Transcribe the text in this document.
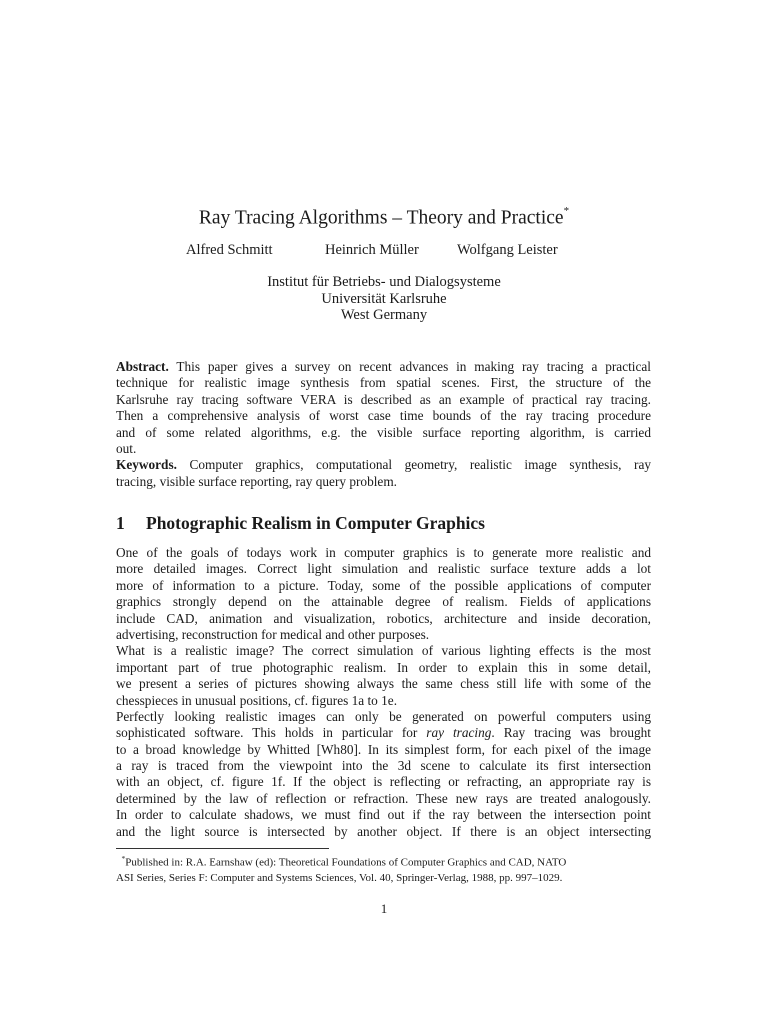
Ray Tracing Algorithms – Theory and Practice*
Alfred Schmitt	Heinrich Müller	Wolfgang Leister
Institut für Betriebs- und Dialogsysteme
Universität Karlsruhe
West Germany
Abstract. This paper gives a survey on recent advances in making ray tracing a practical
technique for realistic image synthesis from spatial scenes. First, the structure of the
Karlsruhe ray tracing software VERA is described as an example of practical ray tracing.
Then a comprehensive analysis of worst case time bounds of the ray tracing procedure
and of some related algorithms, e.g. the visible surface reporting algorithm, is carried
out.
Keywords. Computer graphics, computational geometry, realistic image synthesis, ray
tracing, visible surface reporting, ray query problem.
1 Photographic Realism in Computer Graphics
One of the goals of todays work in computer graphics is to generate more realistic and
more detailed images. Correct light simulation and realistic surface texture adds a lot
more of information to a picture. Today, some of the possible applications of computer
graphics strongly depend on the attainable degree of realism. Fields of applications
include CAD, animation and visualization, robotics, architecture and inside decoration,
advertising, reconstruction for medical and other purposes.
What is a realistic image? The correct simulation of various lighting effects is the most
important part of true photographic realism. In order to explain this in some detail,
we present a series of pictures showing always the same chess still life with some of the
chesspieces in unusual positions, cf. figures 1a to 1e.
Perfectly looking realistic images can only be generated on powerful computers using
sophisticated software. This holds in particular for ray tracing. Ray tracing was brought
to a broad knowledge by Whitted [Wh80]. In its simplest form, for each pixel of the image
a ray is traced from the viewpoint into the 3d scene to calculate its first intersection
with an object, cf. figure 1f. If the object is reflecting or refracting, an appropriate ray is
determined by the law of reflection or refraction. These new rays are treated analogously.
In order to calculate shadows, we must find out if the ray between the intersection point
and the light source is intersected by another object. If there is an object intersecting
*Published in: R.A. Earnshaw (ed): Theoretical Foundations of Computer Graphics and CAD, NATO
ASI Series, Series F: Computer and Systems Sciences, Vol. 40, Springer-Verlag, 1988, pp. 997–1029.
1
